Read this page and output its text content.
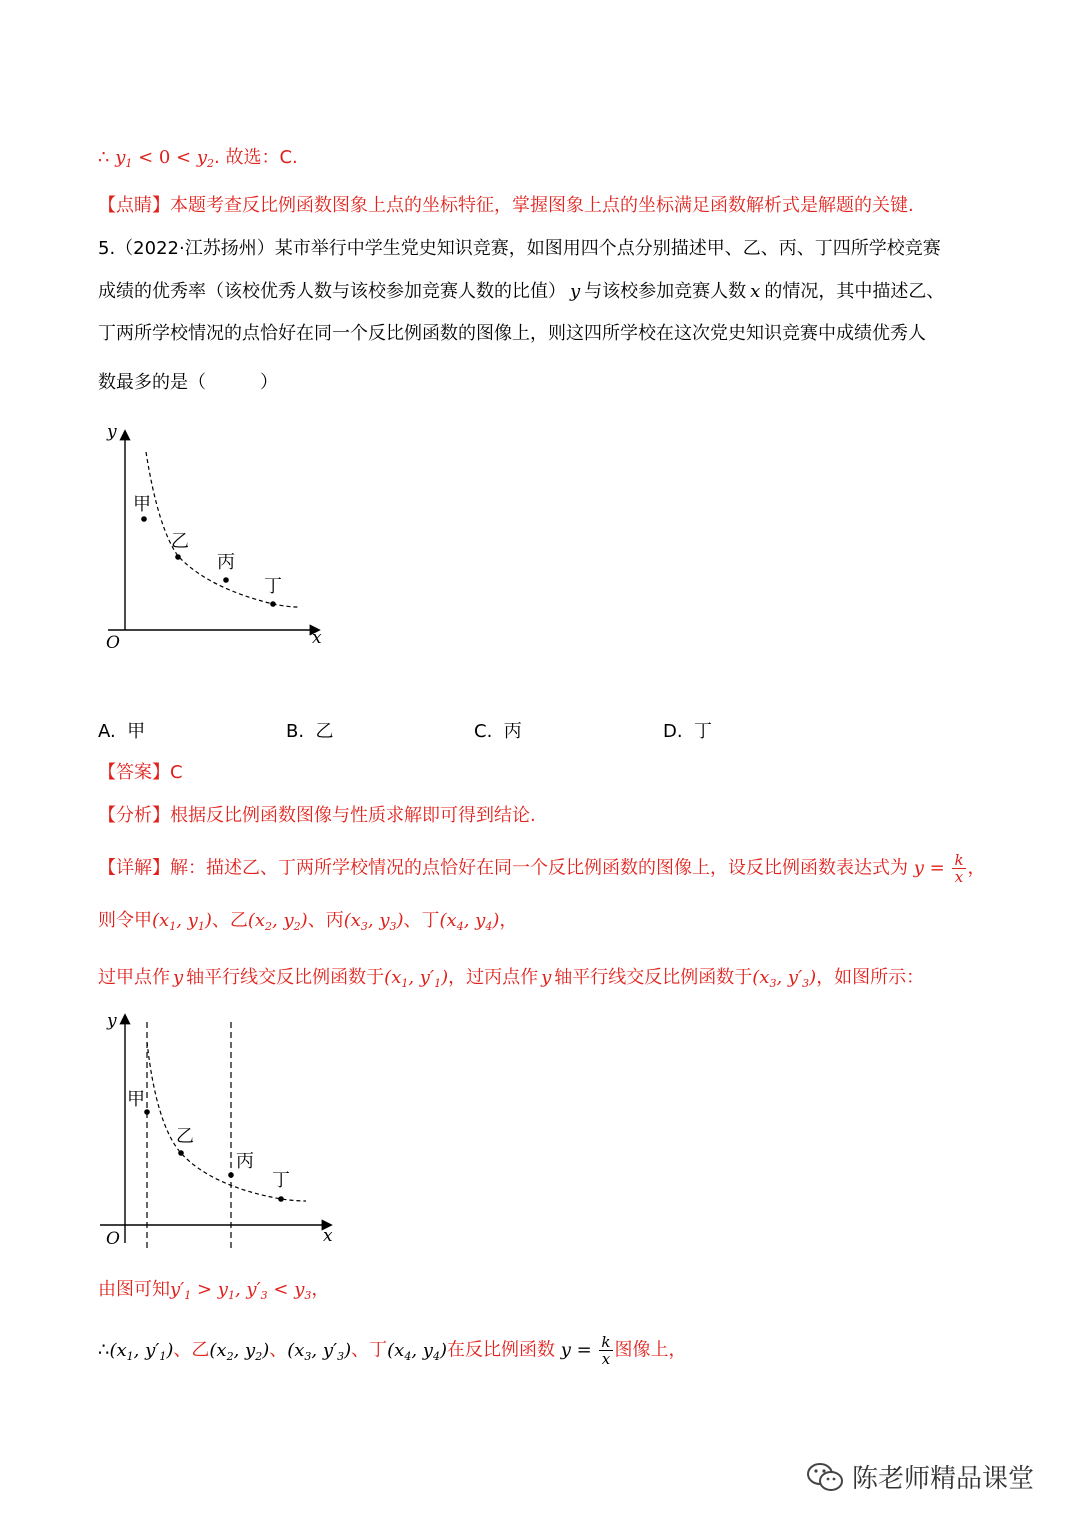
∴ $y_1 < 0 < y_2$. 故选：C.
【点睛】本题考查反比例函数图象上点的坐标特征，掌握图象上点的坐标满足函数解析式是解题的关键.
5.（2022·江苏扬州）某市举行中学生党史知识竞赛，如图用四个点分别描述甲、乙、丙、丁四所学校竞赛
成绩的优秀率（该校优秀人数与该校参加竞赛人数的比值） y 与该校参加竞赛人数 x 的情况，其中描述乙、
丁两所学校情况的点恰好在同一个反比例函数的图像上，则这四所学校在这次党史知识竞赛中成绩优秀人
数最多的是（　　　）
y
x
O
甲
乙
丙
丁
A. 甲	B. 乙	C. 丙	D. 丁
【答案】C
【分析】根据反比例函数图像与性质求解即可得到结论.
【详解】解：描述乙、丁两所学校情况的点恰好在同一个反比例函数的图像上，设反比例函数表达式为 $y = \frac{k}{x}$ ，
则令甲($x_1$, $y_1$)、乙($x_2$, $y_2$)、丙($x_3$, $y_3$)、丁($x_4$, $y_4$)，
过甲点作 y 轴平行线交反比例函数于($x_1$, $y'_1$)，过丙点作 y 轴平行线交反比例函数于($x_3$, $y'_3$)，如图所示：
y
x
O
甲
乙
丙
丁
由图可知$y'_1 > y_1$, $y'_3 < y_3$，
$\therefore(x_1$, $y'_1$)、乙($x_2$, $y_2$)、($x_3$, $y'_3$)、丁($x_4$, $y_4$)在反比例函数 $y = \frac{k}{x}$ 图像上，
陈老师精品课堂
